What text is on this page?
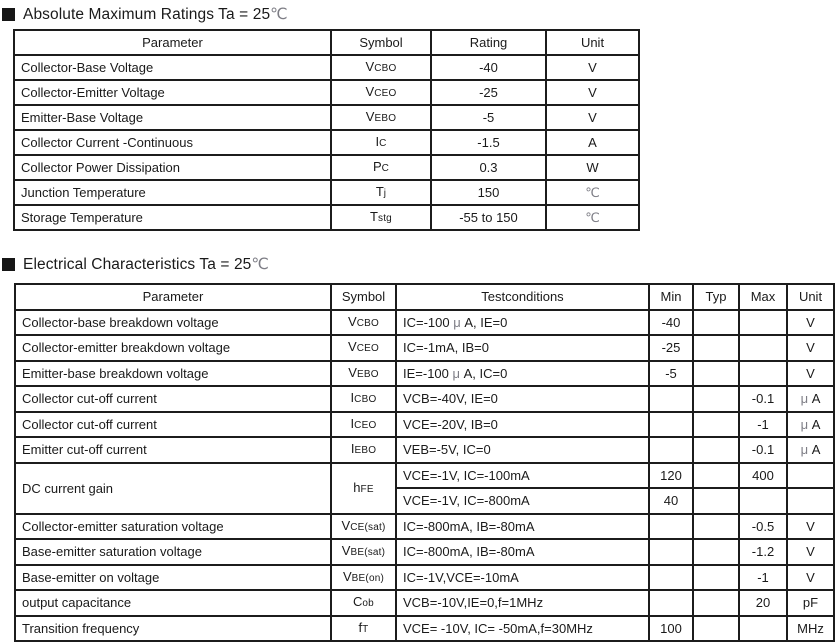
Absolute Maximum Ratings Ta = 25℃
Parameter	Symbol	Rating	Unit
Collector-Base Voltage	VCBO	-40	V
Collector-Emitter Voltage	VCEO	-25	V
Emitter-Base Voltage	VEBO	-5	V
Collector Current -Continuous	IC	-1.5	A
Collector Power Dissipation	PC	0.3	W
Junction Temperature	Tj	150	℃
Storage Temperature	Tstg	-55 to 150	℃
Electrical Characteristics Ta = 25℃
Parameter	Symbol	Testconditions	Min	Typ	Max	Unit
Collector-base breakdown voltage	VCBO	IC=-100 μ A, IE=0	-40			V
Collector-emitter breakdown voltage	VCEO	IC=-1mA, IB=0	-25			V
Emitter-base breakdown voltage	VEBO	IE=-100 μ A, IC=0	-5			V
Collector cut-off current	ICBO	VCB=-40V, IE=0			-0.1	μ A
Collector cut-off current	ICEO	VCE=-20V, IB=0			-1	μ A
Emitter cut-off current	IEBO	VEB=-5V, IC=0			-0.1	μ A
DC current gain	hFE	VCE=-1V, IC=-100mA	120		400	
		VCE=-1V, IC=-800mA	40			
Collector-emitter saturation voltage	VCE(sat)	IC=-800mA, IB=-80mA			-0.5	V
Base-emitter saturation voltage	VBE(sat)	IC=-800mA, IB=-80mA			-1.2	V
Base-emitter on voltage	VBE(on)	IC=-1V,VCE=-10mA			-1	V
output capacitance	Cob	VCB=-10V,IE=0,f=1MHz			20	pF
Transition frequency	fT	VCE= -10V, IC= -50mA,f=30MHz	100			MHz
